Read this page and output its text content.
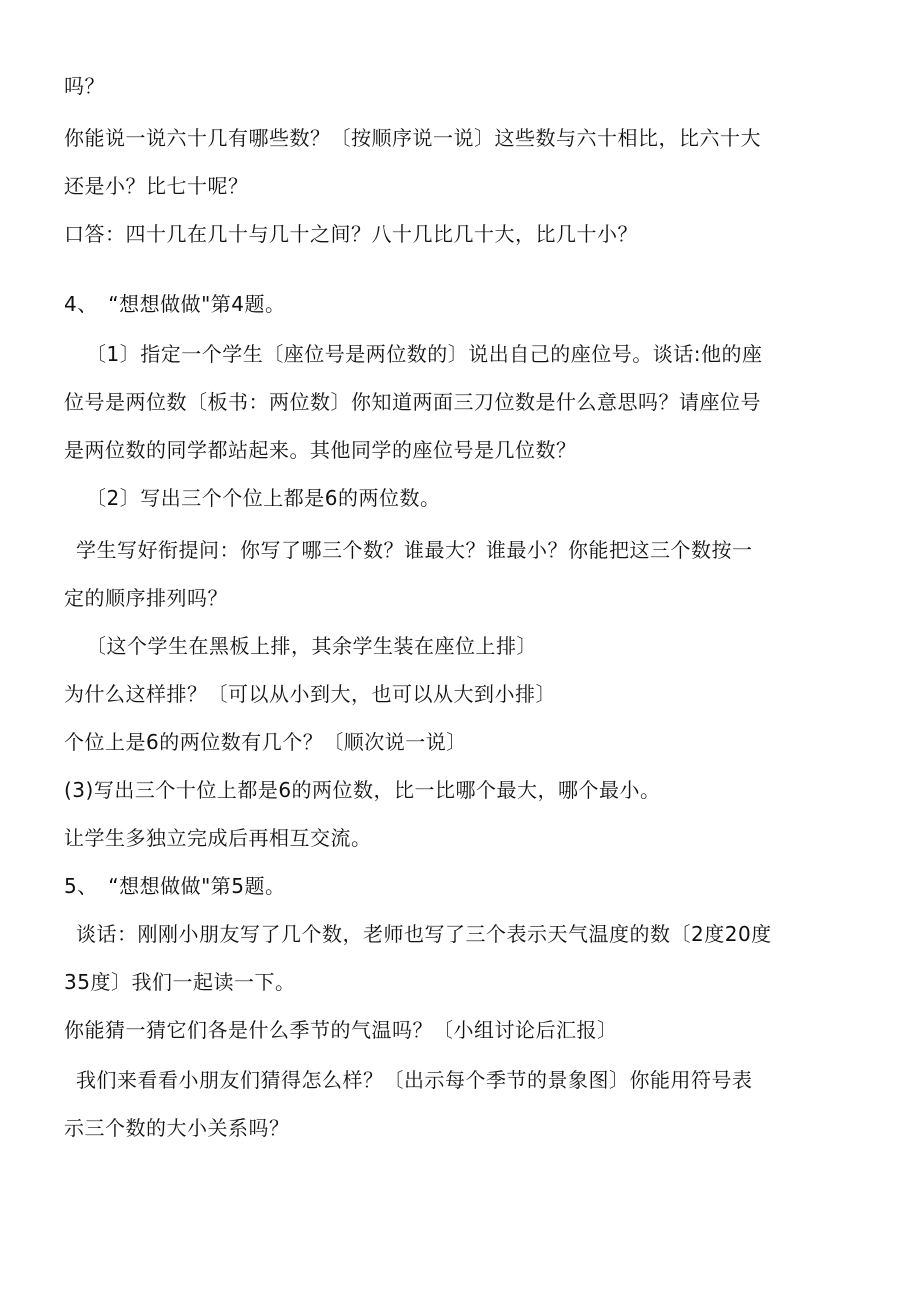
吗？
你能说一说六十几有哪些数？〔按顺序说一说〕这些数与六十相比，比六十大
还是小？比七十呢？
口答：四十几在几十与几十之间？八十几比几十大，比几十小？
4、　“想想做做"第4题。
〔1〕指定一个学生〔座位号是两位数的〕说出自己的座位号。谈话:他的座
位号是两位数〔板书：两位数〕你知道两面三刀位数是什么意思吗？请座位号
是两位数的同学都站起来。其他同学的座位号是几位数？
〔2〕写出三个个位上都是6的两位数。
学生写好衔提问：你写了哪三个数？谁最大？谁最小？你能把这三个数按一
定的顺序排列吗？
〔这个学生在黑板上排，其余学生装在座位上排〕
为什么这样排？〔可以从小到大，也可以从大到小排〕
个位上是6的两位数有几个？〔顺次说一说〕
(3)写出三个十位上都是6的两位数，比一比哪个最大，哪个最小。
让学生多独立完成后再相互交流。
5、　“想想做做"第5题。
谈话：刚刚小朋友写了几个数，老师也写了三个表示天气温度的数〔2度20度
35度〕我们一起读一下。
你能猜一猜它们各是什么季节的气温吗？〔小组讨论后汇报〕
我们来看看小朋友们猜得怎么样？〔出示每个季节的景象图〕你能用符号表
示三个数的大小关系吗？
